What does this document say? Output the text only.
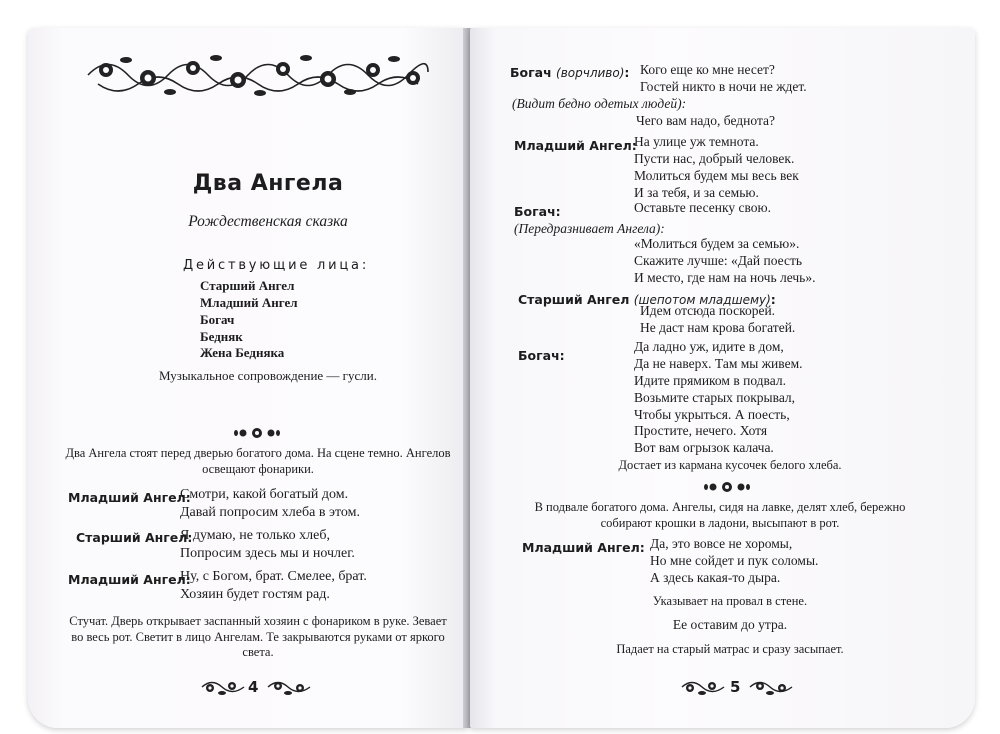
Два Ангела
Рождественская сказка
Действующие лица:
Старший Ангел
Младший Ангел
Богач
Бедняк
Жена Бедняка
Музыкальное сопровождение — гусли.
Два Ангела стоят перед дверью богатого дома. На сцене темно. Ангелов
освещают фонарики.
Младший Ангел:
Смотри, какой богатый дом.
Давай попросим хлеба в этом.
Старший Ангел:
Я думаю, не только хлеб,
Попросим здесь мы и ночлег.
Младший Ангел:
Ну, с Богом, брат. Смелее, брат.
Хозяин будет гостям рад.
Стучат. Дверь открывает заспанный хозяин с фонариком в руке. Зевает
во весь рот. Светит в лицо Ангелам. Те закрываются руками от яркого
света.
4
Богач (ворчливо): Кого еще ко мне несет?
Гостей никто в ночи не ждет.
(Видит бедно одетых людей):
Чего вам надо, беднота?
Младший Ангел:
На улице уж темнота.
Пусти нас, добрый человек.
Молиться будем мы весь век
И за тебя, и за семью.
Богач:	Оставьте песенку свою.
(Передразнивает Ангела):
«Молиться будем за семью».
Скажите лучше: «Дай поесть
И место, где нам на ночь лечь».
Старший Ангел (шепотом младшему):
Идем отсюда поскорей.
Не даст нам крова богатей.
Богач:
Да ладно уж, идите в дом,
Да не наверх. Там мы живем.
Идите прямиком в подвал.
Возьмите старых покрывал,
Чтобы укрыться. А поесть,
Простите, нечего. Хотя
Вот вам огрызок калача.
Достает из кармана кусочек белого хлеба.
В подвале богатого дома. Ангелы, сидя на лавке, делят хлеб, бережно
собирают крошки в ладони, высыпают в рот.
Младший Ангел: Да, это вовсе не хоромы,
Но мне сойдет и пук соломы.
А здесь какая-то дыра.
Указывает на провал в стене.
Ее оставим до утра.
Падает на старый матрас и сразу засыпает.
5
